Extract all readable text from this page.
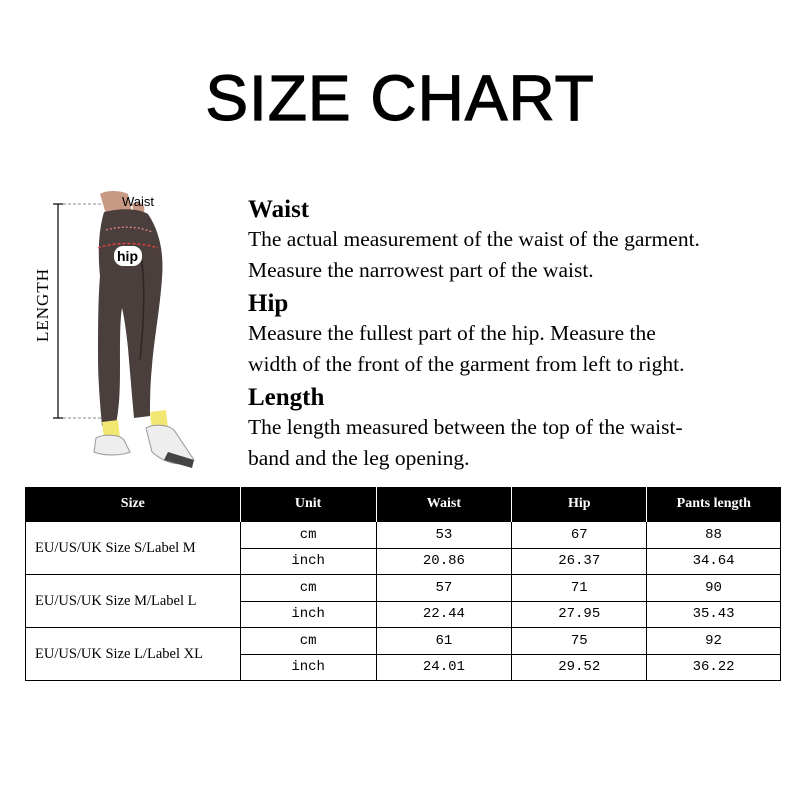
SIZE CHART
LENGTH
Waist
hip
Waist

The actual measurement of the waist of the garment.
Measure the narrowest part of the waist.

Hip

Measure the fullest part of the hip. Measure the
width of the front of the garment from left to right.

Length

The length measured between the top of the waist-
band and the leg opening.

Size	Unit	Waist	Hip	Pants length
EU/US/UK Size S/Label M	cm	53	67	88
	inch	20.86	26.37	34.64
EU/US/UK Size M/Label L	cm	57	71	90
	inch	22.44	27.95	35.43
EU/US/UK Size L/Label XL	cm	61	75	92
	inch	24.01	29.52	36.22
